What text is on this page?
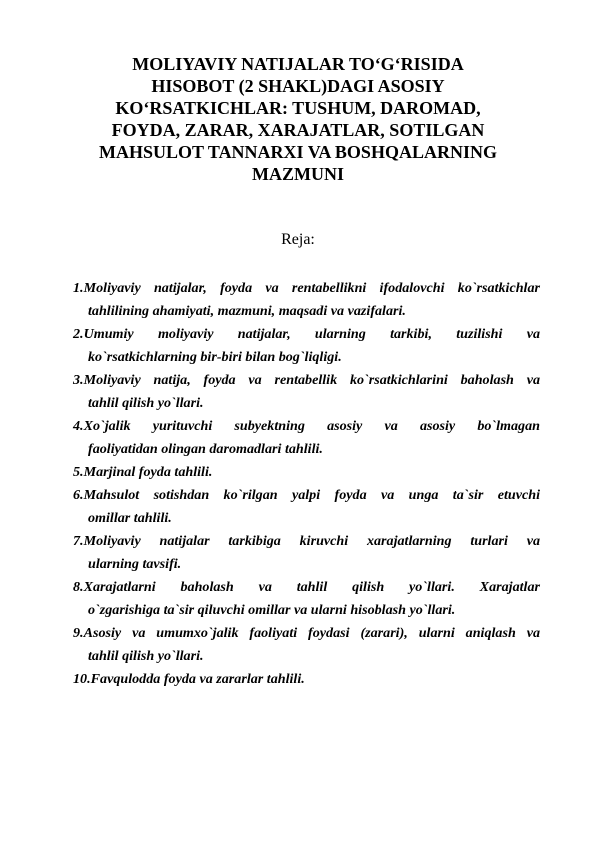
MOLIYAVIY NATIJALAR TO‘G‘RISIDA
HISOBOT (2 SHAKL)DAGI ASOSIY
KO‘RSATKICHLAR: TUSHUM, DAROMAD,
FOYDA, ZARAR, XARAJATLAR, SOTILGAN
MAHSULOT TANNARXI VA BOSHQALARNING
MAZMUNI
Reja:
1.Moliyaviy natijalar, foyda va rentabellikni ifodalovchi ko`rsatkichlar
tahlilining ahamiyati, mazmuni, maqsadi va vazifalari.
2.Umumiy moliyaviy natijalar, ularning tarkibi, tuzilishi va
ko`rsatkichlarning bir-biri bilan bog`liqligi.
3.Moliyaviy natija, foyda va rentabellik ko`rsatkichlarini baholash va
tahlil qilish yo`llari.
4.Xo`jalik yurituvchi subyektning asosiy va asosiy bo`lmagan
faoliyatidan olingan daromadlari tahlili.
5.Marjinal foyda tahlili.
6.Mahsulot sotishdan ko`rilgan yalpi foyda va unga ta`sir etuvchi
omillar tahlili.
7.Moliyaviy natijalar tarkibiga kiruvchi xarajatlarning turlari va
ularning tavsifi.
8.Xarajatlarni baholash va tahlil qilish yo`llari. Xarajatlar
o`zgarishiga ta`sir qiluvchi omillar va ularni hisoblash yo`llari.
9.Asosiy va umumxo`jalik faoliyati foydasi (zarari), ularni aniqlash va
tahlil qilish yo`llari.
10.Favqulodda foyda va zararlar tahlili.
